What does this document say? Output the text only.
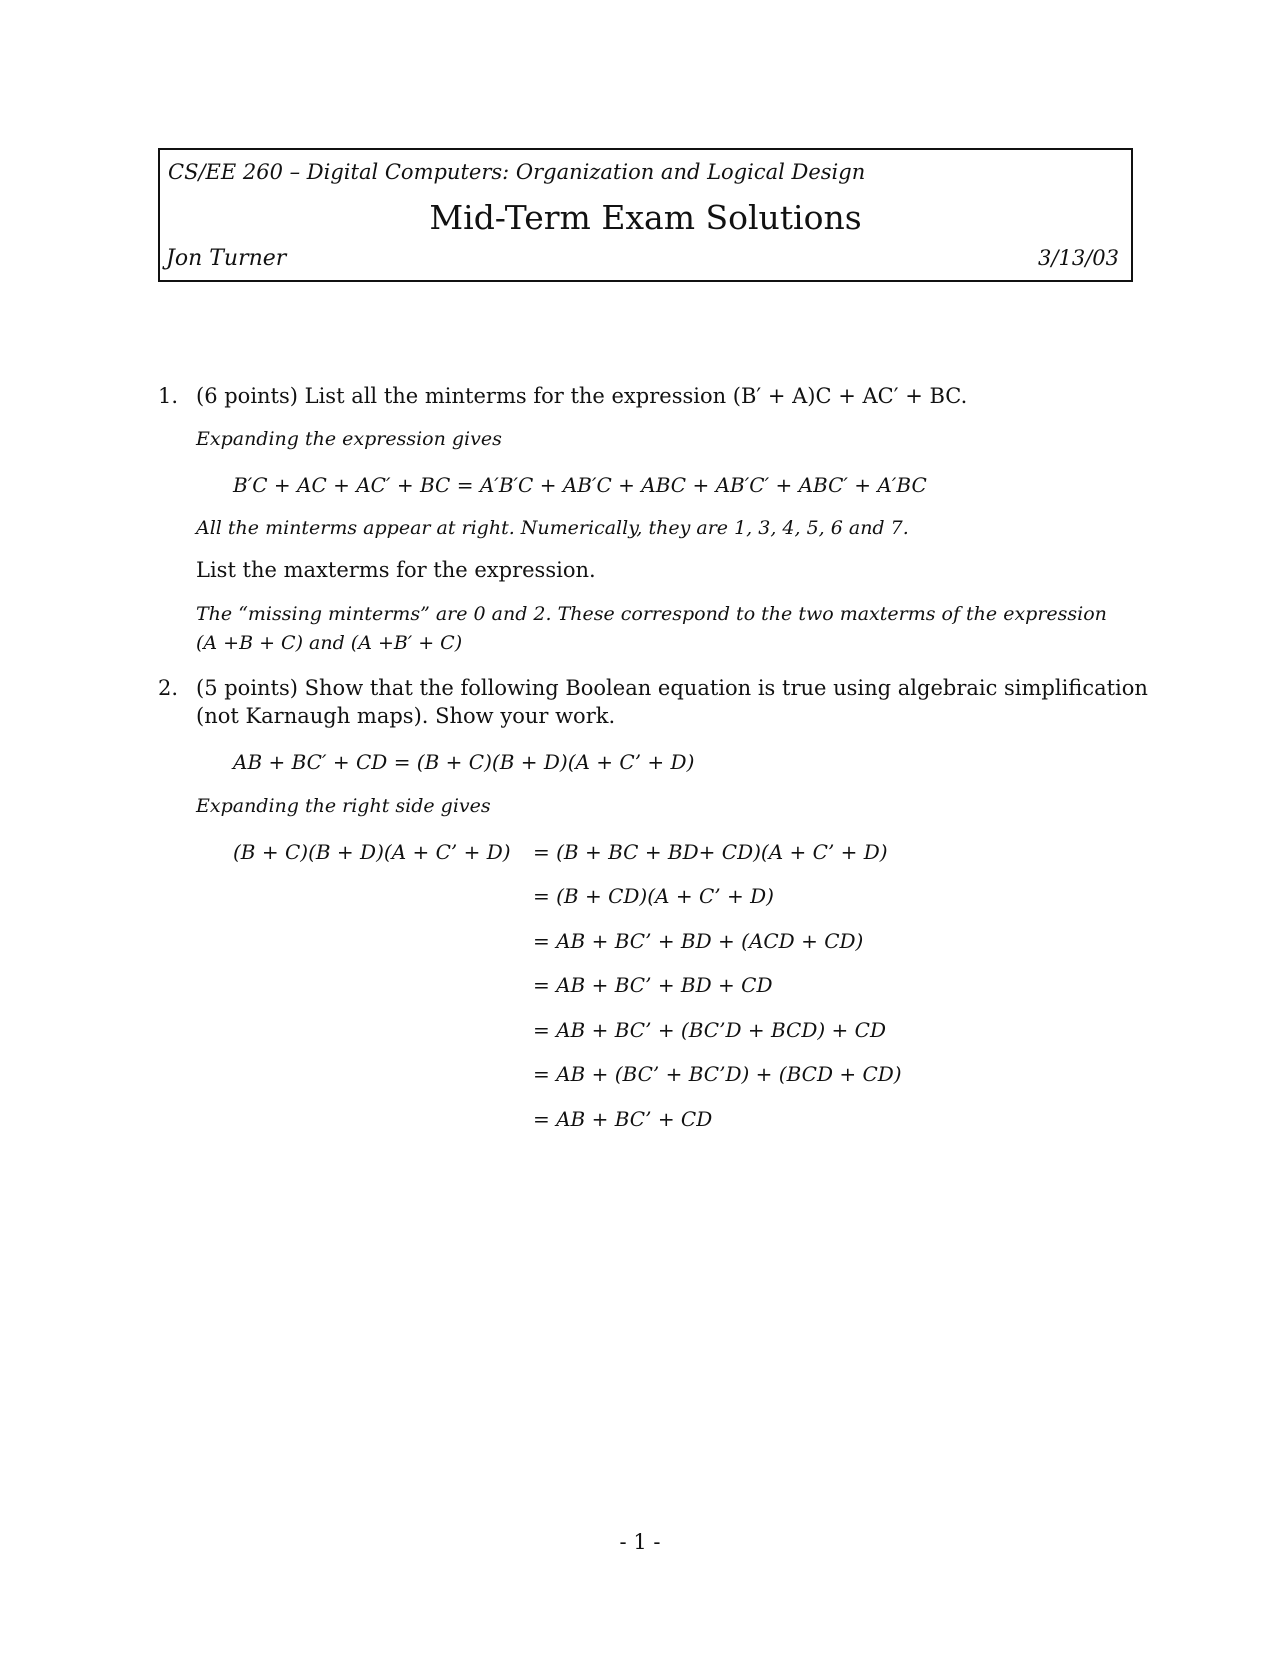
CS/EE 260 – Digital Computers: Organization and Logical Design
Mid-Term Exam Solutions
Jon Turner	3/13/03
1. (6 points) List all the minterms for the expression (B′ + A)C + AC′ + BC.
Expanding the expression gives
B′C + AC + AC′ + BC = A′B′C + AB′C + ABC + AB′C′ + ABC′ + A′BC
All the minterms appear at right. Numerically, they are 1, 3, 4, 5, 6 and 7.
List the maxterms for the expression.
The “missing minterms” are 0 and 2. These correspond to the two maxterms of the expression
(A +B + C) and (A +B′ + C)
2. (5 points) Show that the following Boolean equation is true using algebraic simplification
(not Karnaugh maps). Show your work.
AB + BC′ + CD = (B + C)(B + D)(A + C’ + D)
Expanding the right side gives
(B + C)(B + D)(A + C’ + D) = (B + BC + BD+ CD)(A + C’ + D)
= (B + CD)(A + C’ + D)
= AB + BC’ + BD + (ACD + CD)
= AB + BC’ + BD + CD
= AB + BC’ + (BC’D + BCD) + CD
= AB + (BC’ + BC’D) + (BCD + CD)
= AB + BC’ + CD
- 1 -
